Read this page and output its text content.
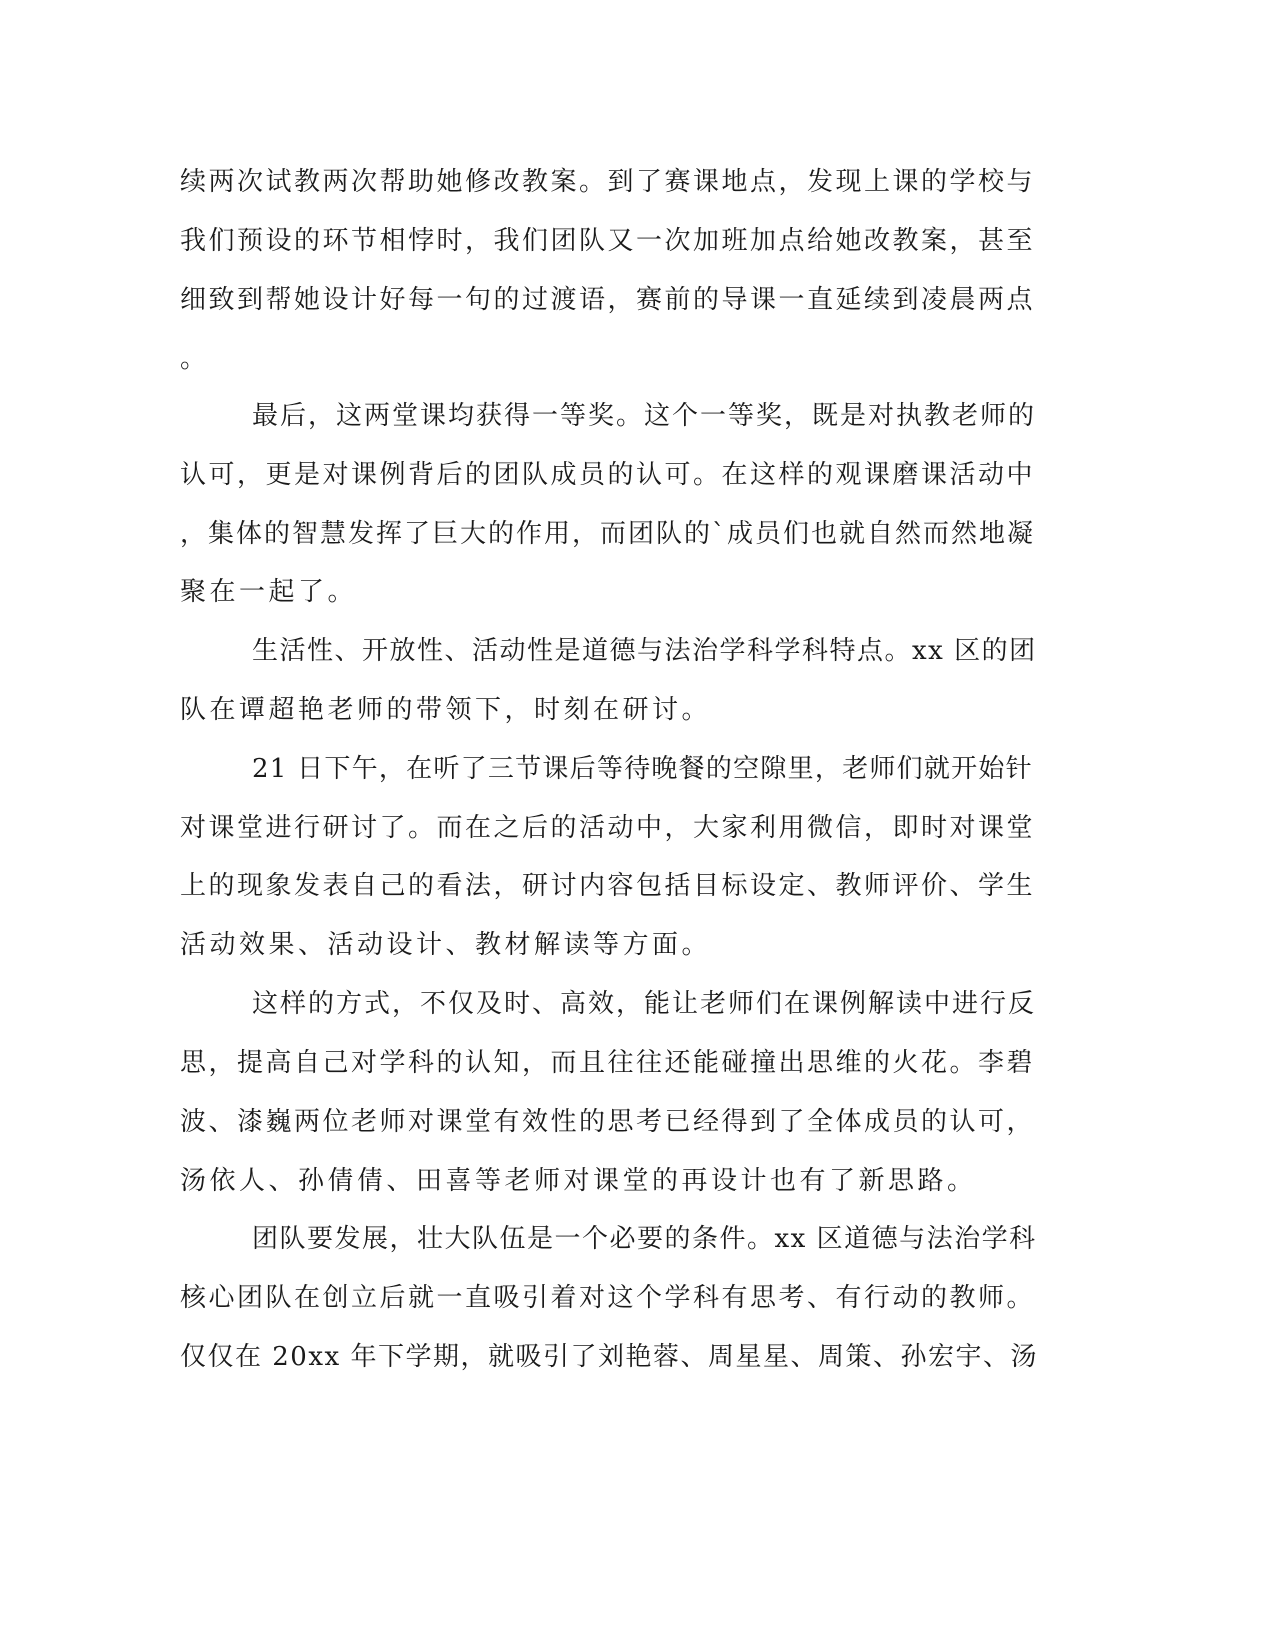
续两次试教两次帮助她修改教案。到了赛课地点，发现上课的学校与
我们预设的环节相悖时，我们团队又一次加班加点给她改教案，甚至
细致到帮她设计好每一句的过渡语，赛前的导课一直延续到凌晨两点
。
最后，这两堂课均获得一等奖。这个一等奖，既是对执教老师的
认可，更是对课例背后的团队成员的认可。在这样的观课磨课活动中
，集体的智慧发挥了巨大的作用，而团队的`成员们也就自然而然地凝
聚在一起了。
生活性、开放性、活动性是道德与法治学科学科特点。xx 区的团
队在谭超艳老师的带领下，时刻在研讨。
21 日下午，在听了三节课后等待晚餐的空隙里，老师们就开始针
对课堂进行研讨了。而在之后的活动中，大家利用微信，即时对课堂
上的现象发表自己的看法，研讨内容包括目标设定、教师评价、学生
活动效果、活动设计、教材解读等方面。
这样的方式，不仅及时、高效，能让老师们在课例解读中进行反
思，提高自己对学科的认知，而且往往还能碰撞出思维的火花。李碧
波、漆巍两位老师对课堂有效性的思考已经得到了全体成员的认可，
汤依人、孙倩倩、田喜等老师对课堂的再设计也有了新思路。
团队要发展，壮大队伍是一个必要的条件。xx 区道德与法治学科
核心团队在创立后就一直吸引着对这个学科有思考、有行动的教师。
仅仅在 20xx 年下学期，就吸引了刘艳蓉、周星星、周策、孙宏宇、汤
